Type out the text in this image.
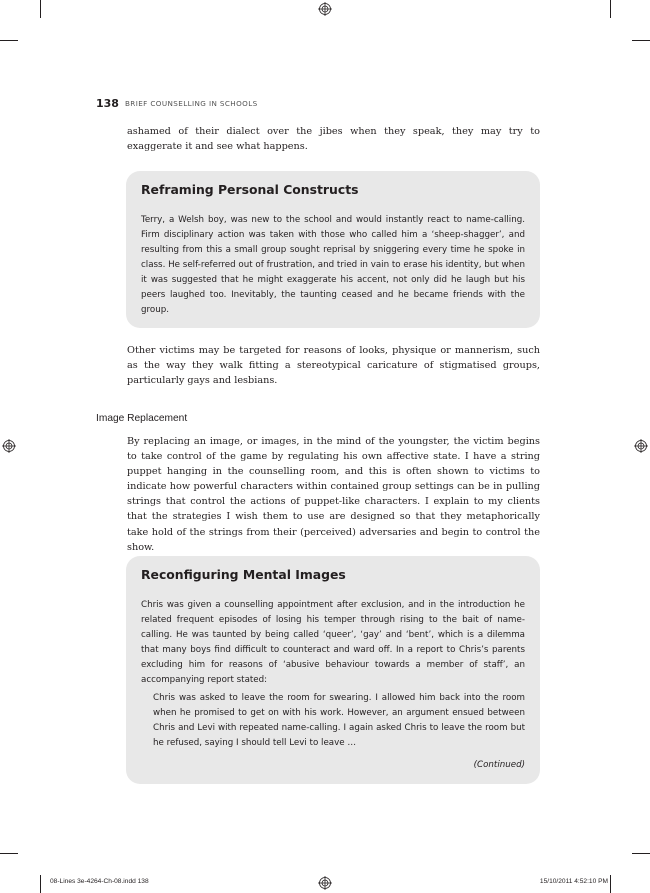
138 BRIEF COUNSELLING IN SCHOOLS

ashamed of their dialect over the jibes when they speak, they may try to exaggerate it and see what happens.

Reframing Personal Constructs

Terry, a Welsh boy, was new to the school and would instantly react to name-calling. Firm disciplinary action was taken with those who called him a ‘sheep-shagger’, and resulting from this a small group sought reprisal by sniggering every time he spoke in class. He self-referred out of frustration, and tried in vain to erase his identity, but when it was suggested that he might exaggerate his accent, not only did he laugh but his peers laughed too. Inevitably, the taunting ceased and he became friends with the group.

Other victims may be targeted for reasons of looks, physique or mannerism, such as the way they walk fitting a stereotypical caricature of stigmatised groups, particularly gays and lesbians.

Image Replacement

By replacing an image, or images, in the mind of the youngster, the victim begins to take control of the game by regulating his own affective state. I have a string puppet hanging in the counselling room, and this is often shown to victims to indicate how powerful characters within contained group settings can be in pulling strings that control the actions of puppet-like characters. I explain to my clients that the strategies I wish them to use are designed so that they metaphorically take hold of the strings from their (perceived) adversaries and begin to control the show.

Reconfiguring Mental Images

Chris was given a counselling appointment after exclusion, and in the introduction he related frequent episodes of losing his temper through rising to the bait of name-calling. He was taunted by being called ‘queer’, ‘gay’ and ‘bent’, which is a dilemma that many boys find difficult to counteract and ward off. In a report to Chris’s parents excluding him for reasons of ‘abusive behaviour towards a member of staff’, an accompanying report stated:

Chris was asked to leave the room for swearing. I allowed him back into the room when he promised to get on with his work. However, an argument ensued between Chris and Levi with repeated name-calling. I again asked Chris to leave the room but he refused, saying I should tell Levi to leave …

(Continued)

08-Lines 3e-4264-Ch-08.indd 138	15/10/2011 4:52:10 PM
